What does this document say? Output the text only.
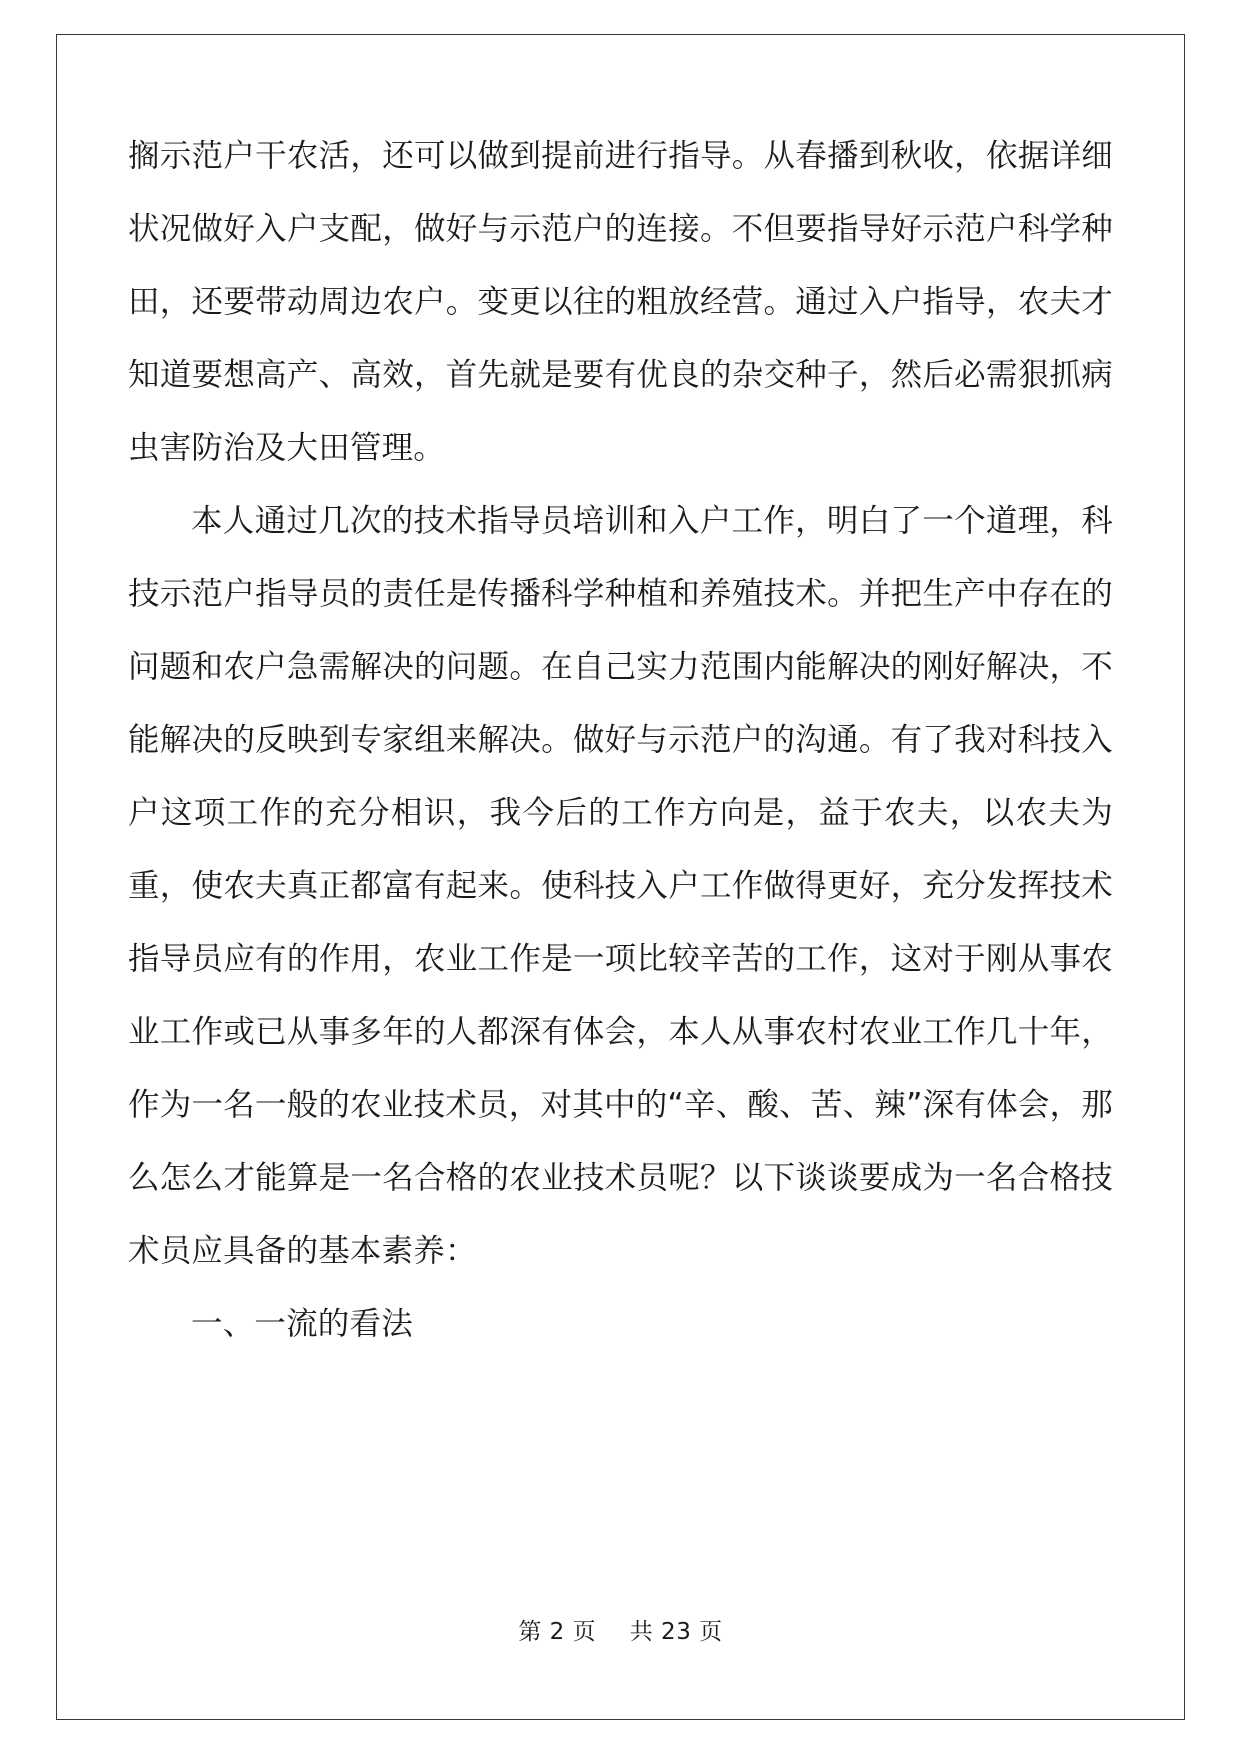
搁示范户干农活，还可以做到提前进行指导。从春播到秋收，依据详细状况做好入户支配，做好与示范户的连接。不但要指导好示范户科学种田，还要带动周边农户。变更以往的粗放经营。通过入户指导，农夫才知道要想高产、高效，首先就是要有优良的杂交种子，然后必需狠抓病虫害防治及大田管理。

本人通过几次的技术指导员培训和入户工作，明白了一个道理，科技示范户指导员的责任是传播科学种植和养殖技术。并把生产中存在的问题和农户急需解决的问题。在自己实力范围内能解决的刚好解决，不能解决的反映到专家组来解决。做好与示范户的沟通。有了我对科技入户这项工作的充分相识，我今后的工作方向是，益于农夫，以农夫为重，使农夫真正都富有起来。使科技入户工作做得更好，充分发挥技术指导员应有的作用，农业工作是一项比较辛苦的工作，这对于刚从事农业工作或已从事多年的人都深有体会，本人从事农村农业工作几十年，作为一名一般的农业技术员，对其中的“辛、酸、苦、辣”深有体会，那么怎么才能算是一名合格的农业技术员呢？以下谈谈要成为一名合格技术员应具备的基本素养：

一、一流的看法

第 2 页 共 23 页
